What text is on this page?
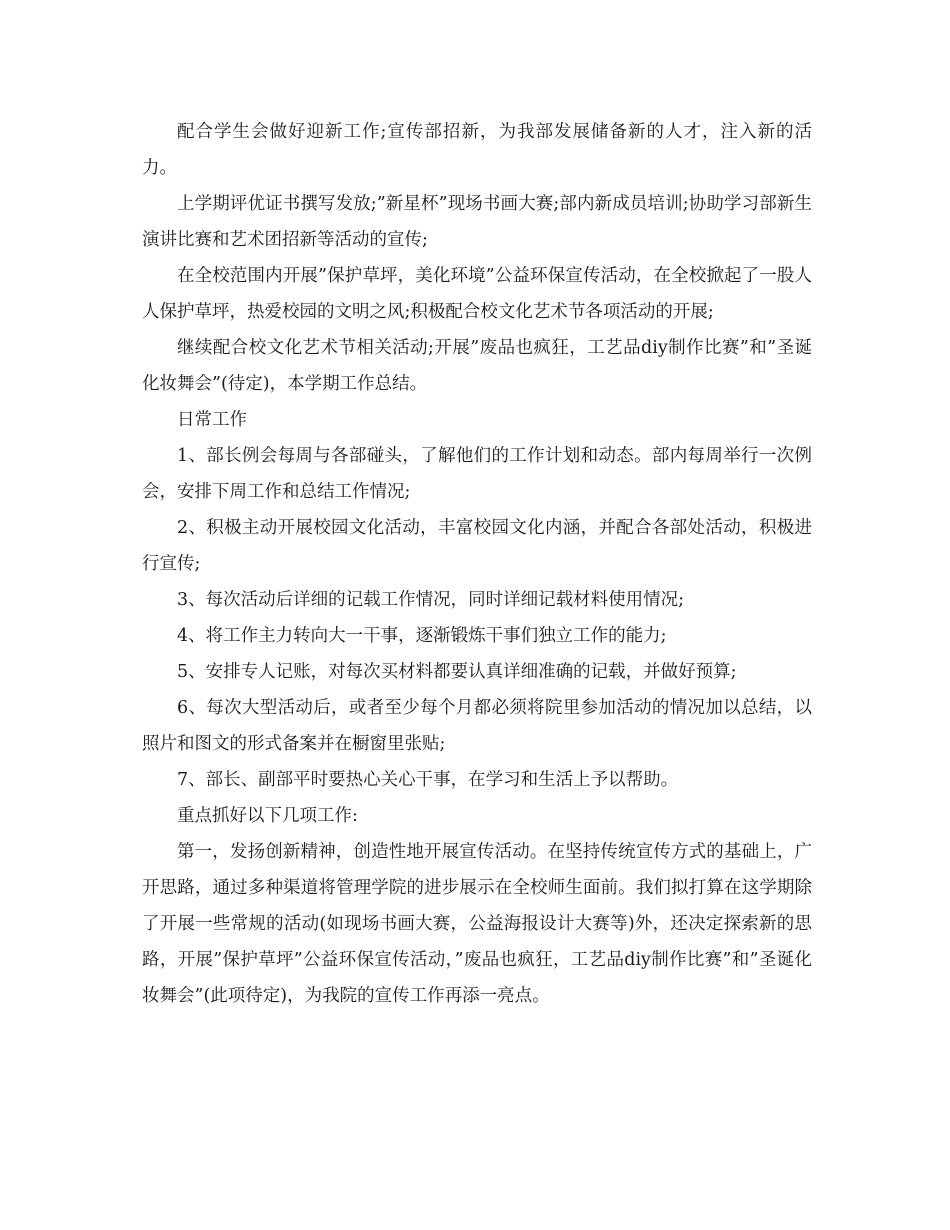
配合学生会做好迎新工作;宣传部招新，为我部发展储备新的人才，注入新的活力。

上学期评优证书撰写发放;”新星杯”现场书画大赛;部内新成员培训;协助学习部新生演讲比赛和艺术团招新等活动的宣传;

在全校范围内开展”保护草坪，美化环境”公益环保宣传活动，在全校掀起了一股人人保护草坪，热爱校园的文明之风;积极配合校文化艺术节各项活动的开展;

继续配合校文化艺术节相关活动;开展”废品也疯狂，工艺品diy制作比赛”和”圣诞化妆舞会”(待定)，本学期工作总结。

日常工作

1、部长例会每周与各部碰头，了解他们的工作计划和动态。部内每周举行一次例会，安排下周工作和总结工作情况;

2、积极主动开展校园文化活动，丰富校园文化内涵，并配合各部处活动，积极进行宣传;

3、每次活动后详细的记载工作情况，同时详细记载材料使用情况;

4、将工作主力转向大一干事，逐渐锻炼干事们独立工作的能力;

5、安排专人记账，对每次买材料都要认真详细准确的记载，并做好预算;

6、每次大型活动后，或者至少每个月都必须将院里参加活动的情况加以总结，以照片和图文的形式备案并在橱窗里张贴;

7、部长、副部平时要热心关心干事，在学习和生活上予以帮助。

重点抓好以下几项工作:

第一，发扬创新精神，创造性地开展宣传活动。在坚持传统宣传方式的基础上，广开思路，通过多种渠道将管理学院的进步展示在全校师生面前。我们拟打算在这学期除了开展一些常规的活动(如现场书画大赛，公益海报设计大赛等)外，还决定探索新的思路，开展”保护草坪”公益环保宣传活动，”废品也疯狂，工艺品diy制作比赛”和”圣诞化妆舞会”(此项待定)，为我院的宣传工作再添一亮点。
